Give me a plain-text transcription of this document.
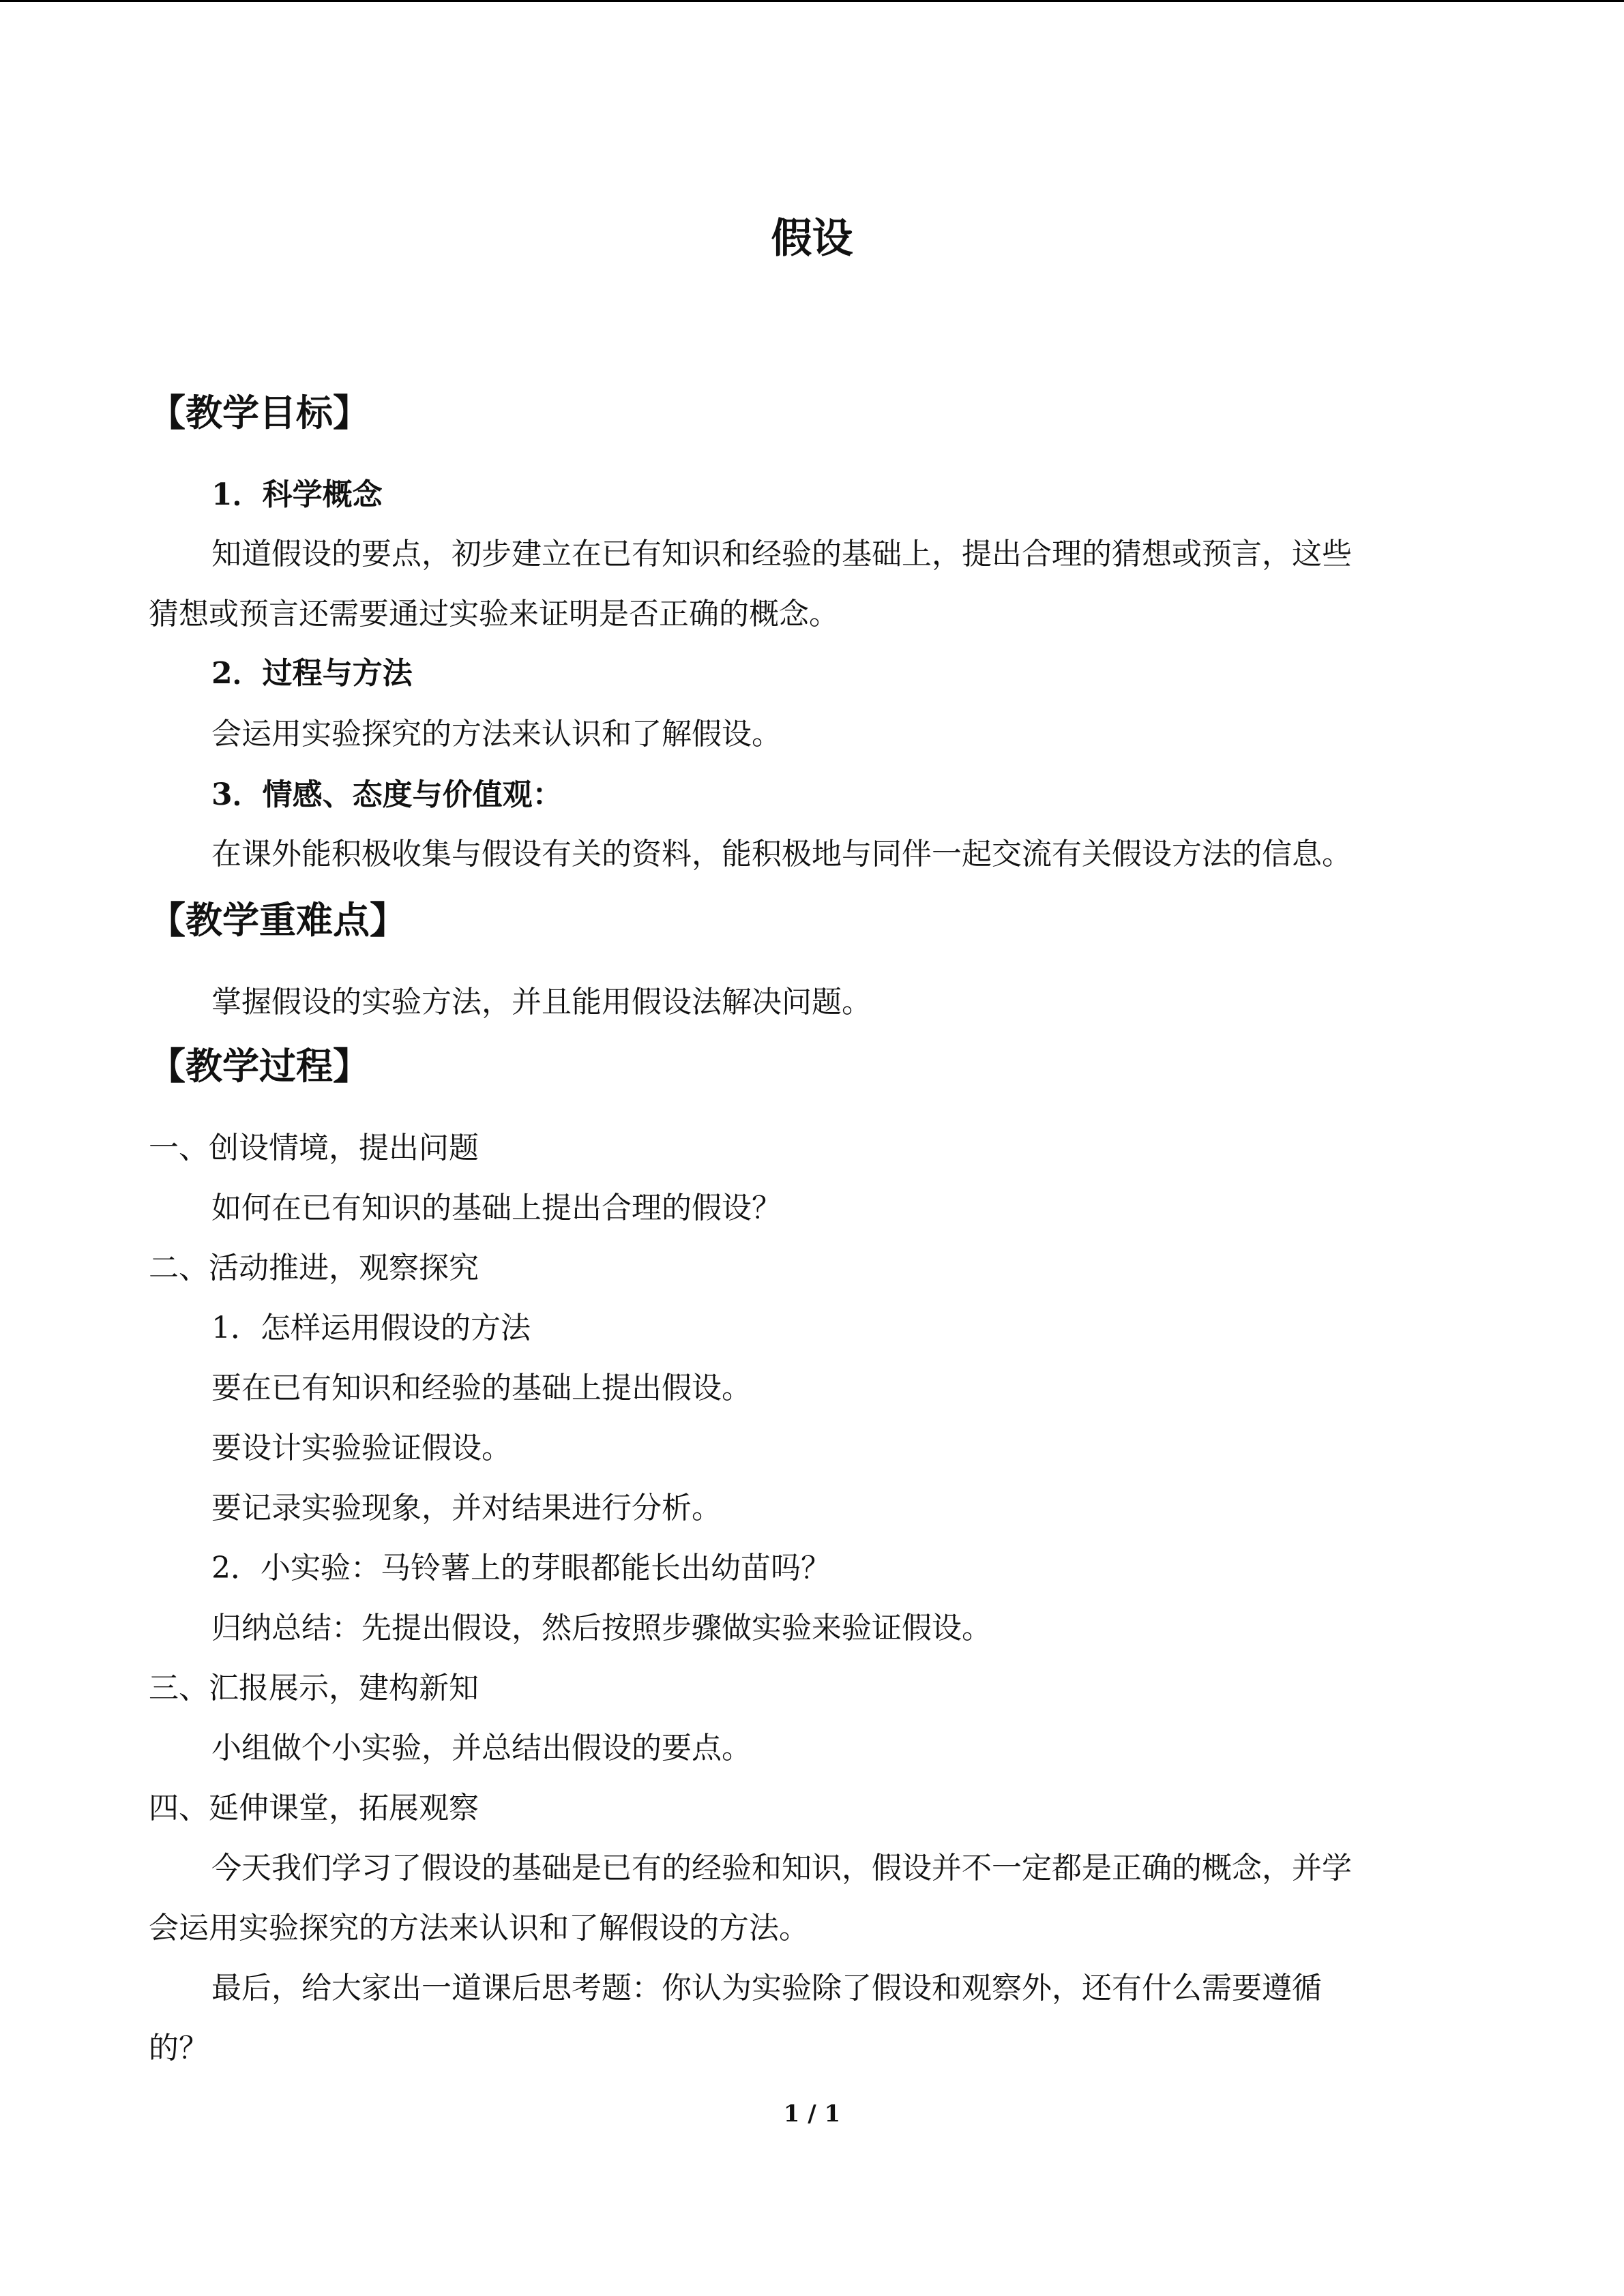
假设
【教学目标】
1．科学概念
知道假设的要点，初步建立在已有知识和经验的基础上，提出合理的猜想或预言，这些
猜想或预言还需要通过实验来证明是否正确的概念。
2．过程与方法
会运用实验探究的方法来认识和了解假设。
3．情感、态度与价值观：
在课外能积极收集与假设有关的资料，能积极地与同伴一起交流有关假设方法的信息。
【教学重难点】
掌握假设的实验方法，并且能用假设法解决问题。
【教学过程】
一、创设情境，提出问题
如何在已有知识的基础上提出合理的假设？
二、活动推进，观察探究
1．怎样运用假设的方法
要在已有知识和经验的基础上提出假设。
要设计实验验证假设。
要记录实验现象，并对结果进行分析。
2．小实验：马铃薯上的芽眼都能长出幼苗吗？
归纳总结：先提出假设，然后按照步骤做实验来验证假设。
三、汇报展示，建构新知
小组做个小实验，并总结出假设的要点。
四、延伸课堂，拓展观察
今天我们学习了假设的基础是已有的经验和知识，假设并不一定都是正确的概念，并学
会运用实验探究的方法来认识和了解假设的方法。
最后，给大家出一道课后思考题：你认为实验除了假设和观察外，还有什么需要遵循
的？
1 / 1
